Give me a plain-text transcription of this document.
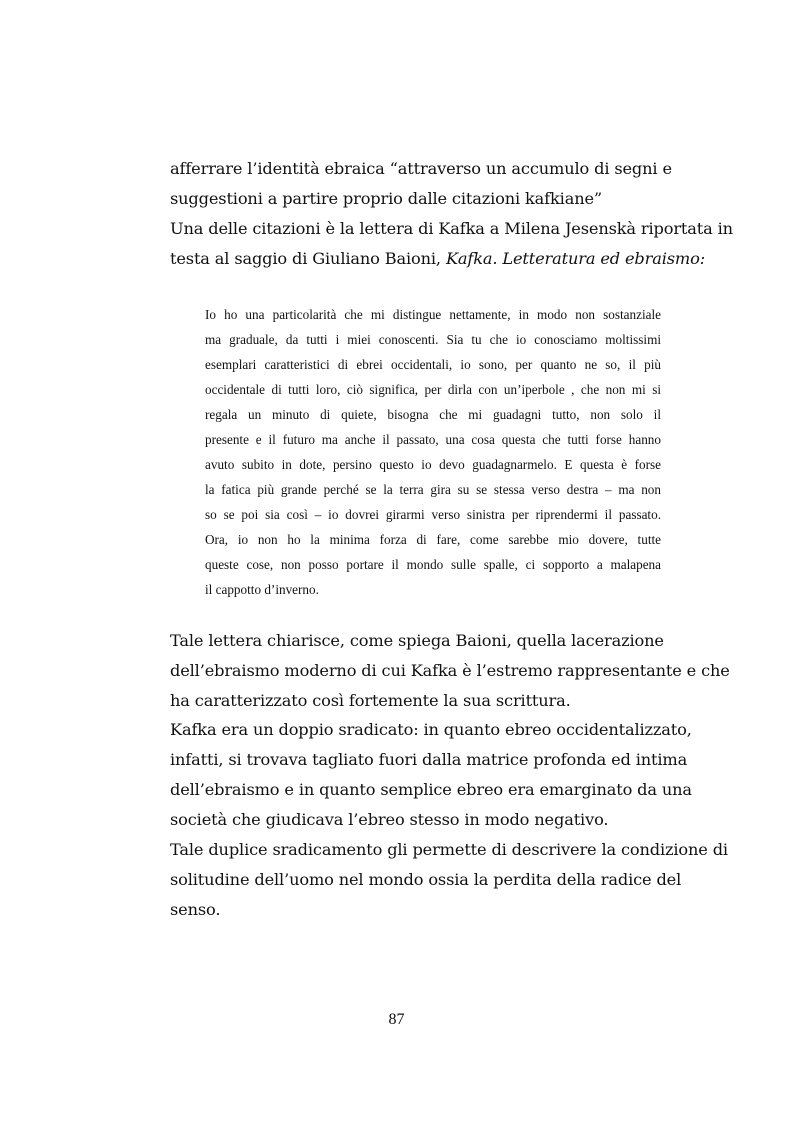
afferrare l’identità ebraica “attraverso un accumulo di segni e
suggestioni a partire proprio dalle citazioni kafkiane”
Una delle citazioni è la lettera di Kafka a Milena Jesenskà riportata in
testa al saggio di Giuliano Baioni, Kafka. Letteratura ed ebraismo:
Io ho una particolarità che mi distingue nettamente, in modo non sostanziale
ma graduale, da tutti i miei conoscenti. Sia tu che io conosciamo moltissimi
esemplari caratteristici di ebrei occidentali, io sono, per quanto ne so, il più
occidentale di tutti loro, ciò significa, per dirla con un’iperbole , che non mi si
regala un minuto di quiete, bisogna che mi guadagni tutto, non solo il
presente e il futuro ma anche il passato, una cosa questa che tutti forse hanno
avuto subito in dote, persino questo io devo guadagnarmelo. E questa è forse
la fatica più grande perché se la terra gira su se stessa verso destra – ma non
so se poi sia così – io dovrei girarmi verso sinistra per riprendermi il passato.
Ora, io non ho la minima forza di fare, come sarebbe mio dovere, tutte
queste cose, non posso portare il mondo sulle spalle, ci sopporto a malapena
il cappotto d’inverno.
Tale lettera chiarisce, come spiega Baioni, quella lacerazione
dell’ebraismo moderno di cui Kafka è l’estremo rappresentante e che
ha caratterizzato così fortemente la sua scrittura.
Kafka era un doppio sradicato: in quanto ebreo occidentalizzato,
infatti, si trovava tagliato fuori dalla matrice profonda ed intima
dell’ebraismo e in quanto semplice ebreo era emarginato da una
società che giudicava l’ebreo stesso in modo negativo.
Tale duplice sradicamento gli permette di descrivere la condizione di
solitudine dell’uomo nel mondo ossia la perdita della radice del
senso.
87
